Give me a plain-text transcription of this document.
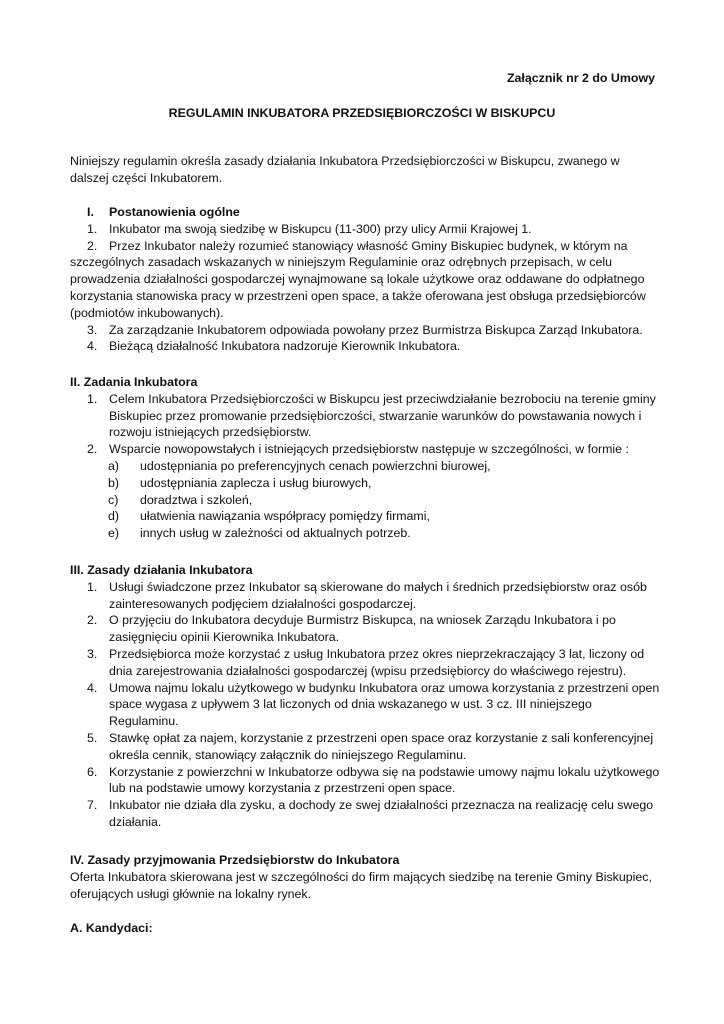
Załącznik nr 2 do Umowy
REGULAMIN INKUBATORA PRZEDSIĘBIORCZOŚCI W BISKUPCU

Niniejszy regulamin określa zasady działania Inkubatora Przedsiębiorczości w Biskupcu, zwanego w dalszej części Inkubatorem.

I. Postanowienia ogólne
1. Inkubator ma swoją siedzibę w Biskupcu (11-300) przy ulicy Armii Krajowej 1.
2. Przez Inkubator należy rozumieć stanowiący własność Gminy Biskupiec budynek, w którym na szczególnych zasadach wskazanych w niniejszym Regulaminie oraz odrębnych przepisach, w celu prowadzenia działalności gospodarczej wynajmowane są lokale użytkowe oraz oddawane do odpłatnego korzystania stanowiska pracy w przestrzeni open space, a także oferowana jest obsługa przedsiębiorców (podmiotów inkubowanych).
3. Za zarządzanie Inkubatorem odpowiada powołany przez Burmistrza Biskupca Zarząd Inkubatora.
4. Bieżącą działalność Inkubatora nadzoruje Kierownik Inkubatora.
II. Zadania Inkubatora
1. Celem Inkubatora Przedsiębiorczości w Biskupcu jest przeciwdziałanie bezrobociu na terenie gminy Biskupiec przez promowanie przedsiębiorczości, stwarzanie warunków do powstawania nowych i rozwoju istniejących przedsiębiorstw.
2. Wsparcie nowopowstałych i istniejących przedsiębiorstw następuje w szczególności, w formie :
a)	udostępniania po preferencyjnych cenach powierzchni biurowej,
b)	udostępniania zaplecza i usług biurowych,
c)	doradztwa i szkoleń,
d)	ułatwienia nawiązania współpracy pomiędzy firmami,
e)	innych usług w zależności od aktualnych potrzeb.
III. Zasady działania Inkubatora
1. Usługi świadczone przez Inkubator są skierowane do małych i średnich przedsiębiorstw oraz osób zainteresowanych podjęciem działalności gospodarczej.
2. O przyjęciu do Inkubatora decyduje Burmistrz Biskupca, na wniosek Zarządu Inkubatora i po zasięgnięciu opinii Kierownika Inkubatora.
3. Przedsiębiorca może korzystać z usług Inkubatora przez okres nieprzekraczający 3 lat, liczony od dnia zarejestrowania działalności gospodarczej (wpisu przedsiębiorcy do właściwego rejestru).
4. Umowa najmu lokalu użytkowego w budynku Inkubatora oraz umowa korzystania z przestrzeni open space wygasa z upływem 3 lat liczonych od dnia wskazanego w ust. 3 cz. III niniejszego Regulaminu.
5. Stawkę opłat za najem, korzystanie z przestrzeni open space oraz korzystanie z sali konferencyjnej określa cennik, stanowiący załącznik do niniejszego Regulaminu.
6. Korzystanie z powierzchni w Inkubatorze odbywa się na podstawie umowy najmu lokalu użytkowego lub na podstawie umowy korzystania z przestrzeni open space.
7. Inkubator nie działa dla zysku, a dochody ze swej działalności przeznacza na realizację celu swego działania.
IV. Zasady przyjmowania Przedsiębiorstw do Inkubatora

Oferta Inkubatora skierowana jest w szczególności do firm mających siedzibę na terenie Gminy Biskupiec, oferujących usługi głównie na lokalny rynek.

A. Kandydaci:
